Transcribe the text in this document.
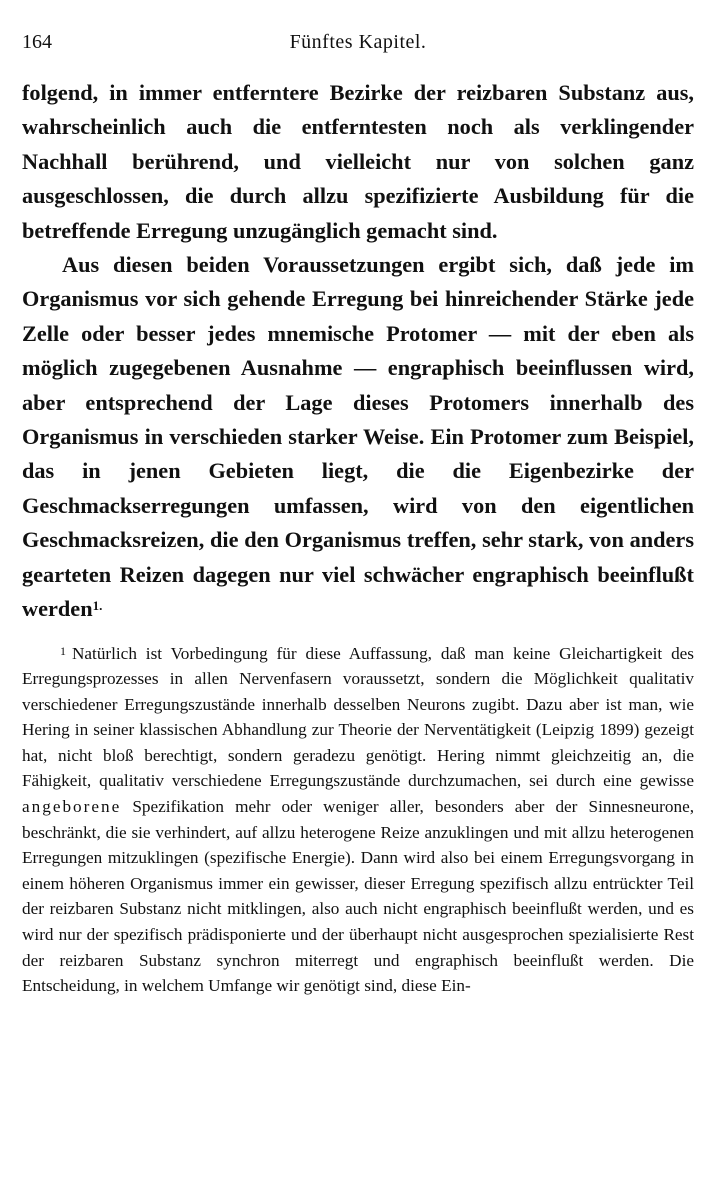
164	Fünftes Kapitel.

folgend, in immer entferntere Bezirke der reizbaren Substanz aus, wahrscheinlich auch die entferntesten noch als verklingender Nachhall berührend, und vielleicht nur von solchen ganz ausgeschlossen, die durch allzu spezifizierte Ausbildung für die betreffende Erregung unzugänglich gemacht sind.

Aus diesen beiden Voraussetzungen ergibt sich, daß jede im Organismus vor sich gehende Erregung bei hinreichender Stärke jede Zelle oder besser jedes mnemische Protomer — mit der eben als möglich zugegebenen Ausnahme — engraphisch beeinflussen wird, aber entsprechend der Lage dieses Protomers innerhalb des Organismus in verschieden starker Weise. Ein Protomer zum Beispiel, das in jenen Gebieten liegt, die die Eigenbezirke der Geschmackserregungen umfassen, wird von den eigentlichen Geschmacksreizen, die den Organismus treffen, sehr stark, von anders gearteten Reizen dagegen nur viel schwächer engraphisch beeinflußt werden$^{1.}$

$^1$ Natürlich ist Vorbedingung für diese Auffassung, daß man keine Gleichartigkeit des Erregungsprozesses in allen Nervenfasern voraussetzt, sondern die Möglichkeit qualitativ verschiedener Erregungszustände innerhalb desselben Neurons zugibt. Dazu aber ist man, wie Hering in seiner klassischen Abhandlung zur Theorie der Nerventätigkeit (Leipzig 1899) gezeigt hat, nicht bloß berechtigt, sondern geradezu genötigt. Hering nimmt gleichzeitig an, die Fähigkeit, qualitativ verschiedene Erregungszustände durchzumachen, sei durch eine gewisse angeborene Spezifikation mehr oder weniger aller, besonders aber der Sinnesneurone, beschränkt, die sie verhindert, auf allzu heterogene Reize anzuklingen und mit allzu heterogenen Erregungen mitzuklingen (spezifische Energie). Dann wird also bei einem Erregungsvorgang in einem höheren Organismus immer ein gewisser, dieser Erregung spezifisch allzu entrückter Teil der reizbaren Substanz nicht mitklingen, also auch nicht engraphisch beeinflußt werden, und es wird nur der spezifisch prädisponierte und der überhaupt nicht ausgesprochen spezialisierte Rest der reizbaren Substanz synchron miterregt und engraphisch beeinflußt werden. Die Entscheidung, in welchem Umfange wir genötigt sind, diese Ein-
